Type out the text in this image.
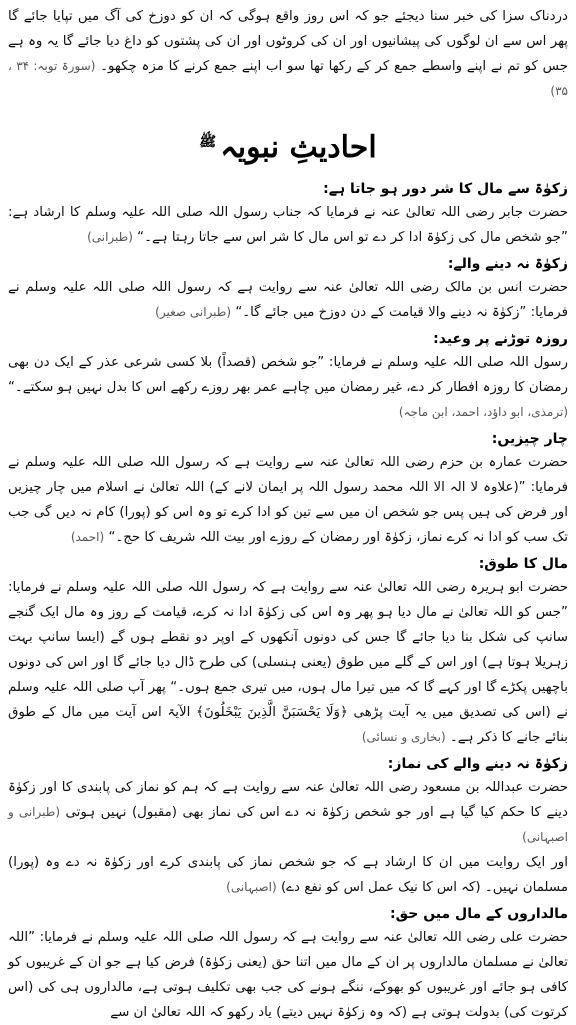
دردناک سزا کی خبر سنا دیجئے جو کہ اس روز واقع ہوگی کہ ان کو دوزخ کی آگ میں تپایا جائے گا پھر اس سے ان لوگوں کی پیشانیوں اور ان کی کروٹوں اور ان کی پشتوں کو داغ دیا جائے گا یہ وہ ہے جس کو تم نے اپنے واسطے جمع کر کے رکھا تھا سو اب اپنے جمع کرنے کا مزہ چکھو۔ (سورۃ توبہ: ۳۴ ، ۳۵)

احادیثِ نبویہ$^ﷺ$
زکوٰۃ سے مال کا شر دور ہو جاتا ہے:

حضرت جابر رضی اللہ تعالیٰ عنہ نے فرمایا کہ جناب رسول اللہ صلی اللہ علیہ وسلم کا ارشاد ہے: ”جو شخص مال کی زکوٰۃ ادا کر دے تو اس مال کا شر اس سے جاتا رہتا ہے۔“ (طبرانی)

زکوٰۃ نہ دینے والے:

حضرت انس بن مالک رضی اللہ تعالیٰ عنہ سے روایت ہے کہ رسول اللہ صلی اللہ علیہ وسلم نے فرمایا: ”زکوٰۃ نہ دینے والا قیامت کے دن دوزخ میں جائے گا۔“ (طبرانی صغیر)

روزہ توڑنے پر وعید:

رسول اللہ صلی اللہ علیہ وسلم نے فرمایا: ”جو شخص (قصداً) بلا کسی شرعی عذر کے ایک دن بھی رمضان کا روزہ افطار کر دے، غیر رمضان میں چاہے عمر بھر روزے رکھے اس کا بدل نہیں ہو سکتے۔“ (ترمذی، ابو داؤد، احمد، ابن ماجہ)

چار چیزیں:

حضرت عمارہ بن حزم رضی اللہ تعالیٰ عنہ سے روایت ہے کہ رسول اللہ صلی اللہ علیہ وسلم نے فرمایا: ”(علاوہ لا الہ الا اللہ محمد رسول اللہ پر ایمان لانے کے) اللہ تعالیٰ نے اسلام میں چار چیزیں اور فرض کی ہیں پس جو شخص ان میں سے تین کو ادا کرے تو وہ اس کو (پورا) کام نہ دیں گی جب تک سب کو ادا نہ کرے نماز، زکوٰۃ اور رمضان کے روزے اور بیت اللہ شریف کا حج۔“ (احمد)

مال کا طوق:

حضرت ابو ہریرہ رضی اللہ تعالیٰ عنہ سے روایت ہے کہ رسول اللہ صلی اللہ علیہ وسلم نے فرمایا: ”جس کو اللہ تعالیٰ نے مال دیا ہو پھر وہ اس کی زکوٰۃ ادا نہ کرے، قیامت کے روز وہ مال ایک گنجے سانپ کی شکل بنا دیا جائے گا جس کی دونوں آنکھوں کے اوپر دو نقطے ہوں گے (ایسا سانپ بہت زہریلا ہوتا ہے) اور اس کے گلے میں طوق (یعنی ہنسلی) کی طرح ڈال دیا جائے گا اور اس کی دونوں باچھیں پکڑے گا اور کہے گا کہ میں تیرا مال ہوں، میں تیری جمع ہوں۔“ پھر آپ صلی اللہ علیہ وسلم نے (اس کی تصدیق میں یہ آیت پڑھی ﴿وَلَا يَحْسَبَنَّ الَّذِينَ يَبْخَلُونَ﴾ الآیۃ اس آیت میں مال کے طوق بنائے جانے کا ذکر ہے۔ (بخاری و نسائی)

زکوٰۃ نہ دینے والے کی نماز:

حضرت عبداللہ بن مسعود رضی اللہ تعالیٰ عنہ سے روایت ہے کہ ہم کو نماز کی پابندی کا اور زکوٰۃ دینے کا حکم کیا گیا ہے اور جو شخص زکوٰۃ نہ دے اس کی نماز بھی (مقبول) نہیں ہوتی (طبرانی و اصبہانی)

اور ایک روایت میں ان کا ارشاد ہے کہ جو شخص نماز کی پابندی کرے اور زکوٰۃ نہ دے وہ (پورا) مسلمان نہیں۔ (کہ اس کا نیک عمل اس کو نفع دے) (اصبہانی)

مالداروں کے مال میں حق:

حضرت علی رضی اللہ تعالیٰ عنہ سے روایت ہے کہ رسول اللہ صلی اللہ علیہ وسلم نے فرمایا: ”اللہ تعالیٰ نے مسلمان مالداروں پر ان کے مال میں اتنا حق (یعنی زکوٰۃ) فرض کیا ہے جو ان کے غریبوں کو کافی ہو جائے اور غریبوں کو بھوکے، ننگے ہونے کی جب بھی تکلیف ہوتی ہے، مالداروں ہی کی (اس کرتوت کی) بدولت ہوتی ہے (کہ وہ زکوٰۃ نہیں دیتے) یاد رکھو کہ اللہ تعالیٰ ان سے
